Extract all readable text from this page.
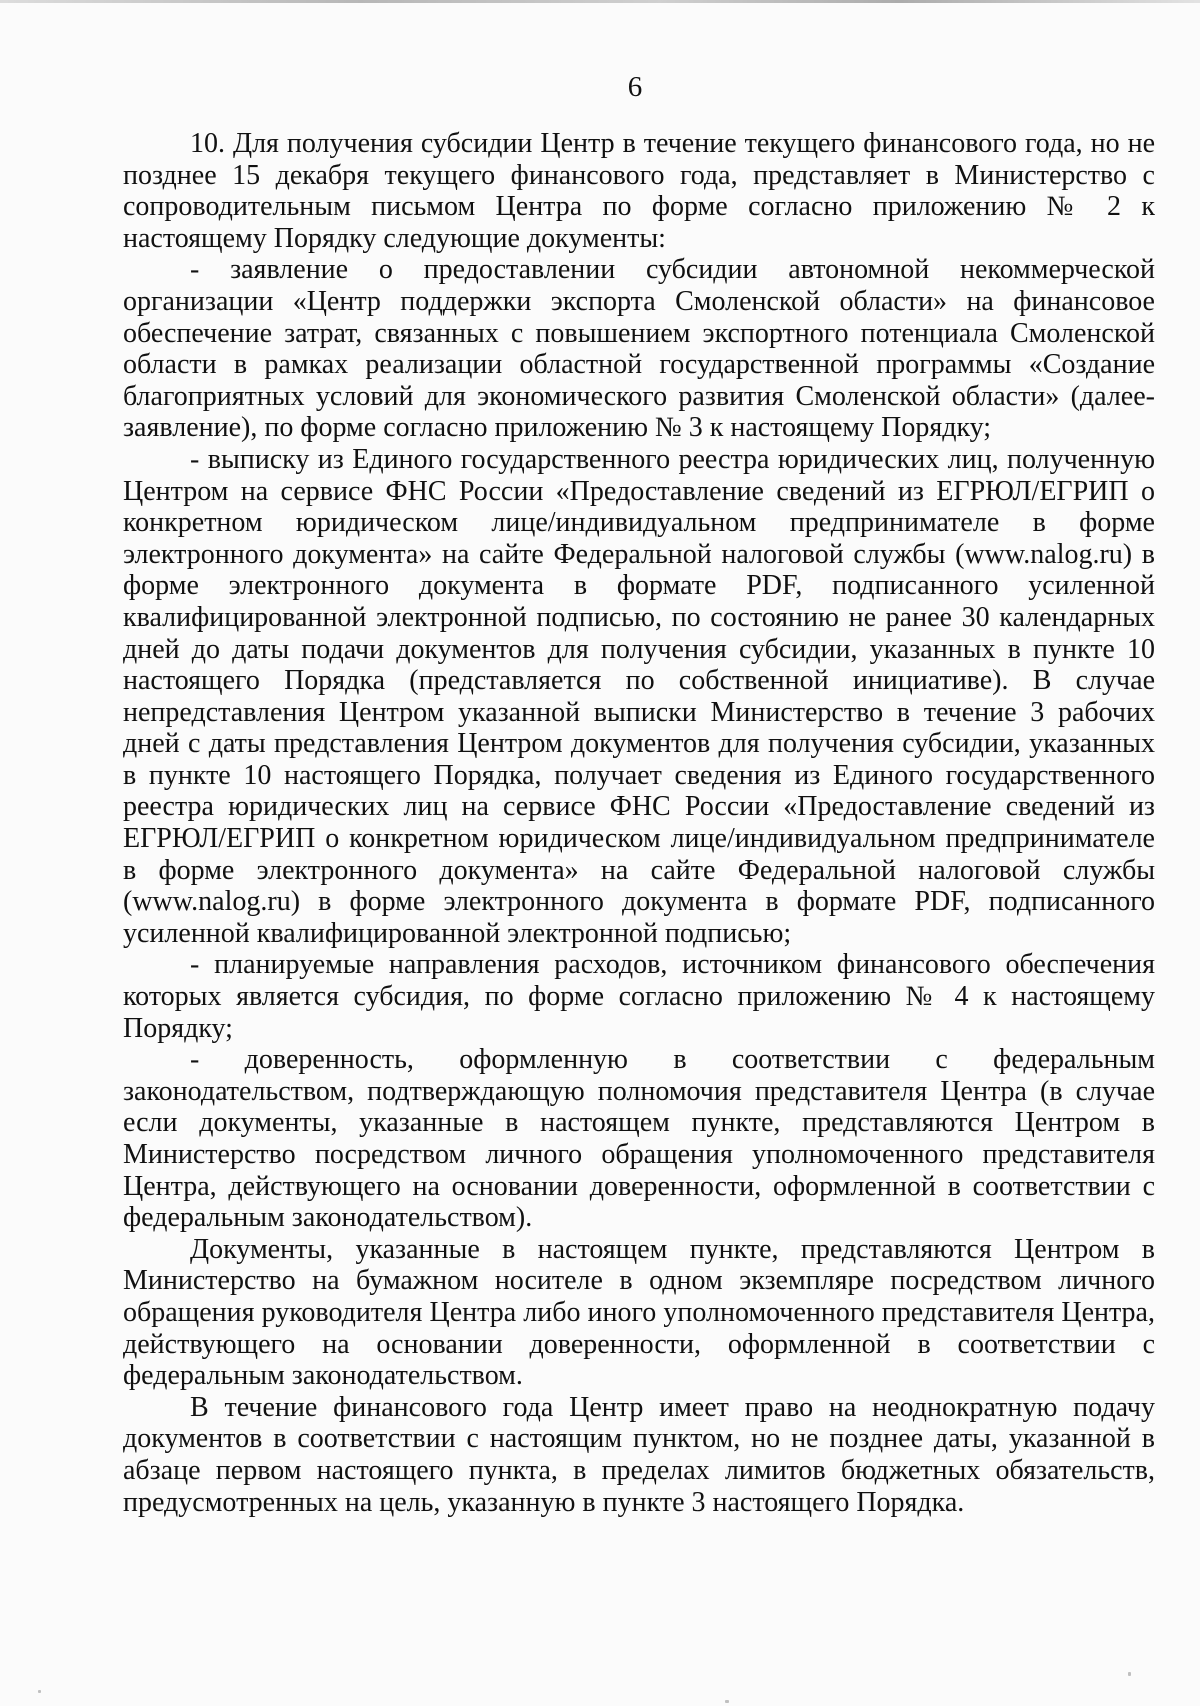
6

10. Для получения субсидии Центр в течение текущего финансового года, но не позднее 15 декабря текущего финансового года, представляет в Министерство с сопроводительным письмом Центра по форме согласно приложению № 2 к настоящему Порядку следующие документы:

- заявление о предоставлении субсидии автономной некоммерческой организации «Центр поддержки экспорта Смоленской области» на финансовое обеспечение затрат, связанных с повышением экспортного потенциала Смоленской области в рамках реализации областной государственной программы «Создание благоприятных условий для экономического развития Смоленской области» (далее- заявление), по форме согласно приложению № 3 к настоящему Порядку;

- выписку из Единого государственного реестра юридических лиц, полученную Центром на сервисе ФНС России «Предоставление сведений из ЕГРЮЛ/ЕГРИП о конкретном юридическом лице/индивидуальном предпринимателе в форме электронного документа» на сайте Федеральной налоговой службы (www.nalog.ru) в форме электронного документа в формате PDF, подписанного усиленной квалифицированной электронной подписью, по состоянию не ранее 30 календарных дней до даты подачи документов для получения субсидии, указанных в пункте 10 настоящего Порядка (представляется по собственной инициативе). В случае непредставления Центром указанной выписки Министерство в течение 3 рабочих дней с даты представления Центром документов для получения субсидии, указанных в пункте 10 настоящего Порядка, получает сведения из Единого государственного реестра юридических лиц на сервисе ФНС России «Предоставление сведений из ЕГРЮЛ/ЕГРИП о конкретном юридическом лице/индивидуальном предпринимателе в форме электронного документа» на сайте Федеральной налоговой службы (www.nalog.ru) в форме электронного документа в формате PDF, подписанного усиленной квалифицированной электронной подписью;

- планируемые направления расходов, источником финансового обеспечения которых является субсидия, по форме согласно приложению № 4 к настоящему Порядку;

- доверенность, оформленную в соответствии с федеральным законодательством, подтверждающую полномочия представителя Центра (в случае если документы, указанные в настоящем пункте, представляются Центром в Министерство посредством личного обращения уполномоченного представителя Центра, действующего на основании доверенности, оформленной в соответствии с федеральным законодательством).

Документы, указанные в настоящем пункте, представляются Центром в Министерство на бумажном носителе в одном экземпляре посредством личного обращения руководителя Центра либо иного уполномоченного представителя Центра, действующего на основании доверенности, оформленной в соответствии с федеральным законодательством.

В течение финансового года Центр имеет право на неоднократную подачу документов в соответствии с настоящим пунктом, но не позднее даты, указанной в абзаце первом настоящего пункта, в пределах лимитов бюджетных обязательств, предусмотренных на цель, указанную в пункте 3 настоящего Порядка.
